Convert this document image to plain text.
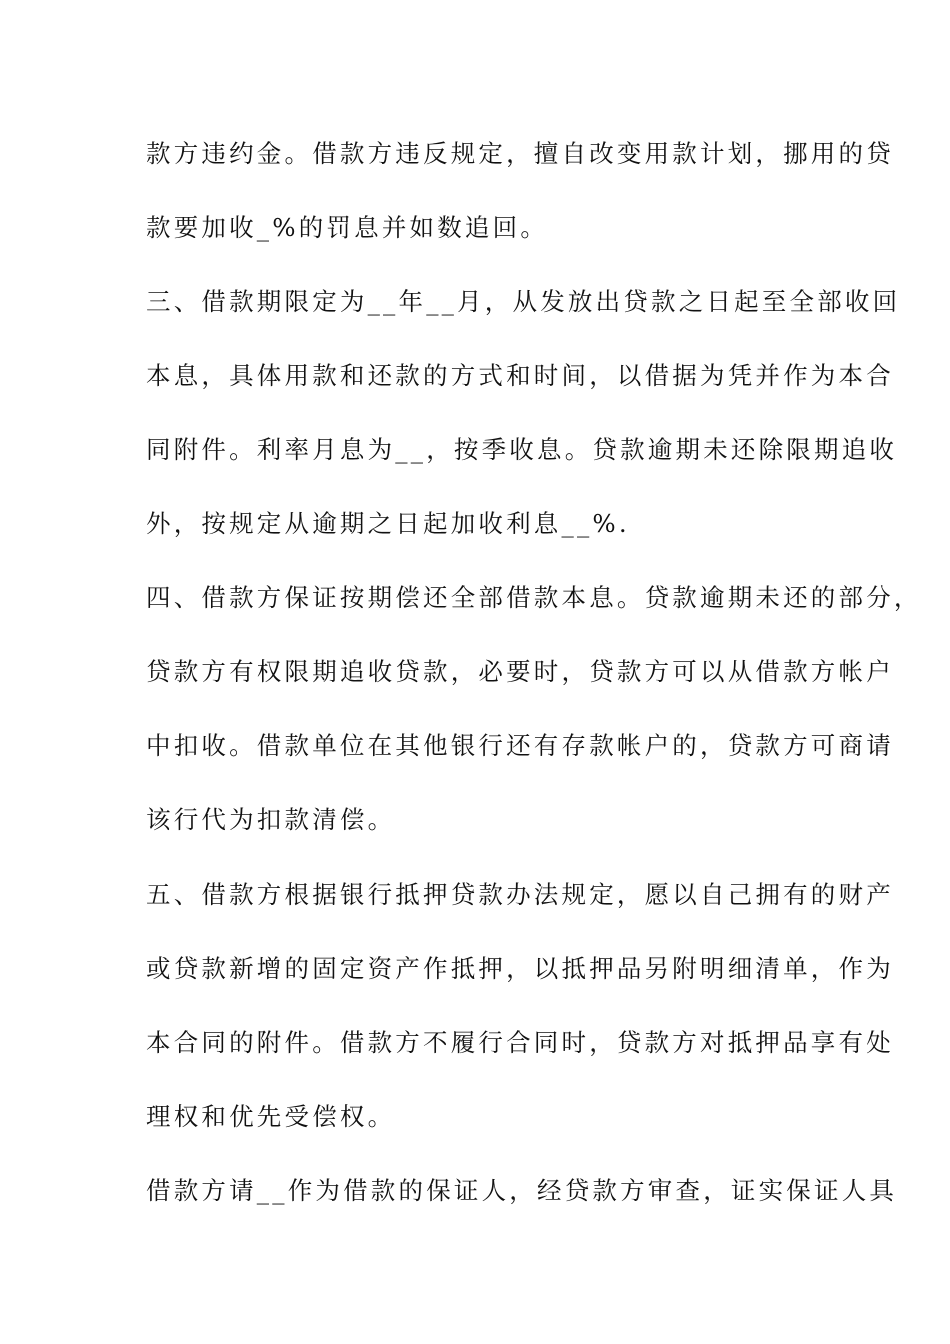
款方违约金。借款方违反规定，擅自改变用款计划，挪用的贷
款要加收_%的罚息并如数追回。
三、借款期限定为__年__月，从发放出贷款之日起至全部收回
本息，具体用款和还款的方式和时间，以借据为凭并作为本合
同附件。利率月息为__，按季收息。贷款逾期未还除限期追收
外，按规定从逾期之日起加收利息__%.
四、借款方保证按期偿还全部借款本息。贷款逾期未还的部分，
贷款方有权限期追收贷款，必要时，贷款方可以从借款方帐户
中扣收。借款单位在其他银行还有存款帐户的，贷款方可商请
该行代为扣款清偿。
五、借款方根据银行抵押贷款办法规定，愿以自己拥有的财产
或贷款新增的固定资产作抵押，以抵押品另附明细清单，作为
本合同的附件。借款方不履行合同时，贷款方对抵押品享有处
理权和优先受偿权。
借款方请__作为借款的保证人，经贷款方审查，证实保证人具
